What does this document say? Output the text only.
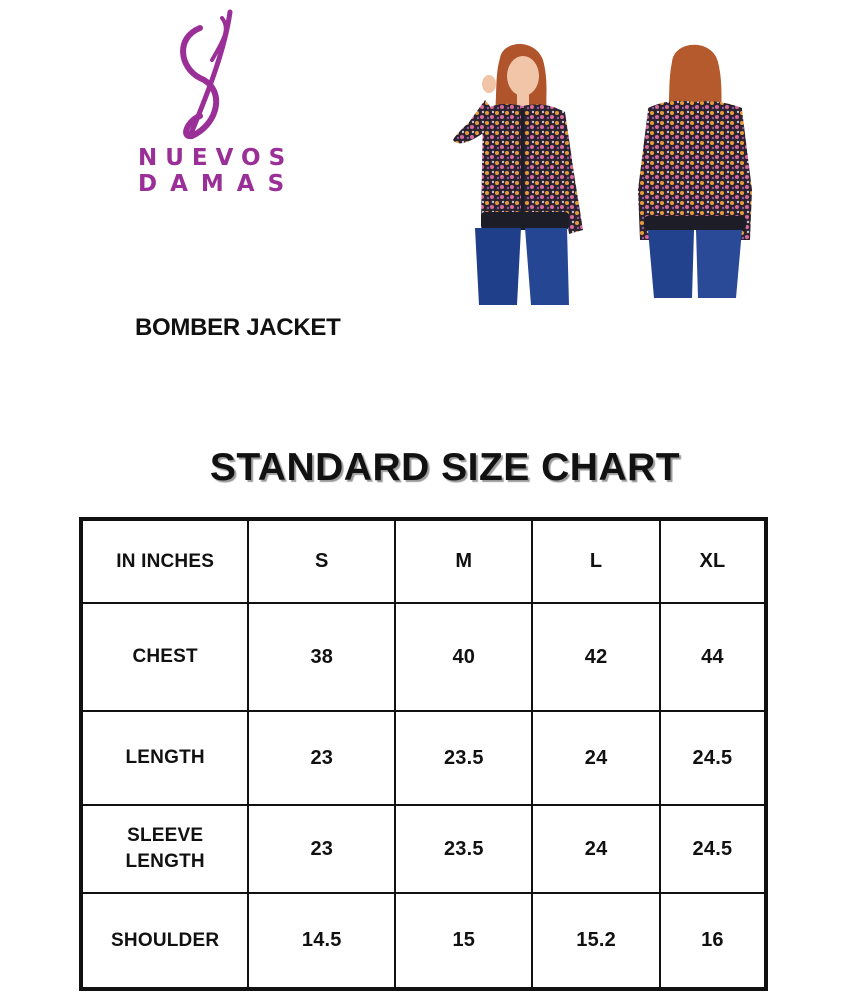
NUEVOS
DAMAS
BOMBER JACKET
STANDARD SIZE CHART
IN INCHES	S	M	L	XL

CHEST	38	40	42	44

LENGTH	23	23.5	24	24.5

SLEEVE
LENGTH	23	23.5	24	24.5

SHOULDER	14.5	15	15.2	16
